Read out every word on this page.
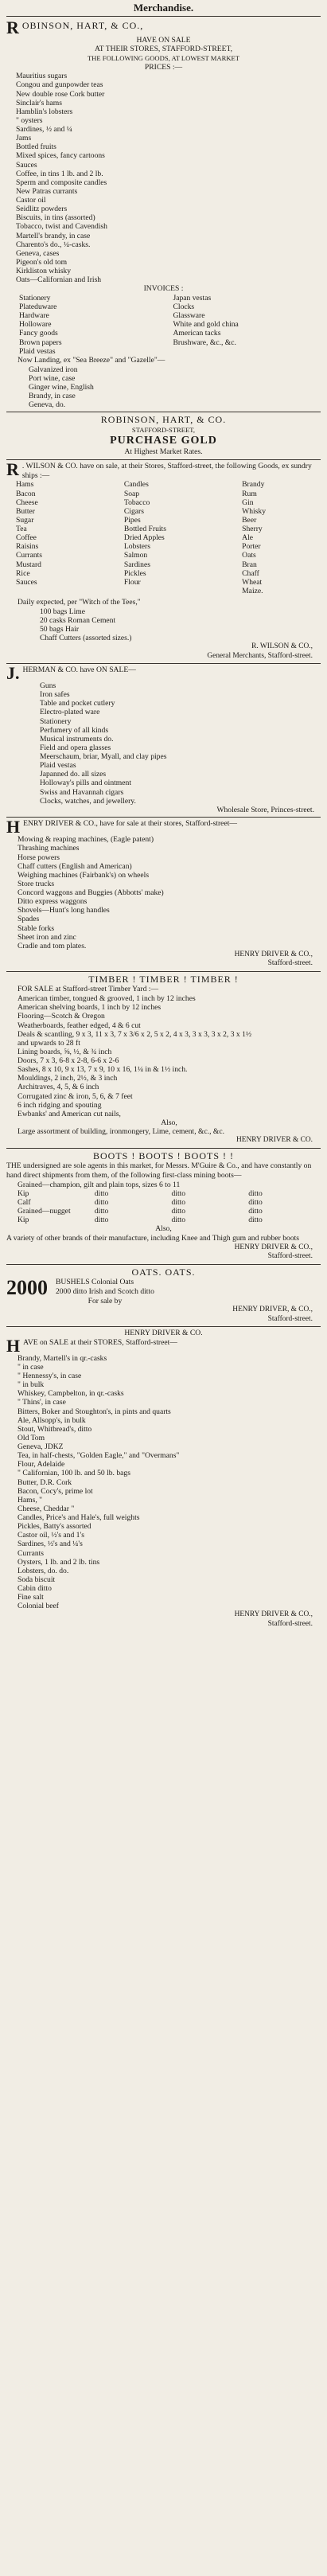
Merchandise.
R OBINSON, HART, & CO.,

HAVE ON SALE

AT THEIR STORES, STAFFORD-STREET,

THE FOLLOWING GOODS, AT LOWEST MARKET

PRICES :—

Mauritius sugars
Congou and gunpowder teas
New double rose Cork butter
Sinclair's hams
Hamblin's lobsters
" oysters
Sardines, ½ and ¼
Jams
Bottled fruits
Mixed spices, fancy cartoons
Sauces
Coffee, in tins 1 lb. and 2 lb.
Sperm and composite candles
New Patras currants
Castor oil
Seidlitz powders
Biscuits, in tins (assorted)
Tobacco, twist and Cavendish
Martell's brandy, in case
Charento's do., ¼-casks.
Geneva, cases
Pigeon's old tom
Kirkliston whisky
Oats—Californian and Irish

INVOICES :

Stationery	Japan vestas
Plateduware	Clocks
Hardware	Glassware
Holloware	White and gold china
Fancy goods	American tacks
Brown papers	Brushware, &c., &c.
Plaid vestas

Now Landing, ex "Sea Breeze" and "Gazelle"—

Galvanized iron
Port wine, case
Ginger wine, English
Brandy, in case
Geneva, do.

ROBINSON, HART, & CO.

STAFFORD-STREET,

PURCHASE GOLD

At Highest Market Rates.

R . WILSON & CO. have on sale, at their Stores, Stafford-street, the following Goods, ex sundry ships :—
Hams	Candles	Brandy
Bacon	Soap	Rum
Cheese	Tobacco	Gin
Butter	Cigars	Whisky
Sugar	Pipes	Beer
Tea	Bottled Fruits	Sherry
Coffee	Dried Apples	Ale
Raisins	Lobsters	Porter
Currants	Salmon	Oats
Mustard	Sardines	Bran
Rice	Pickles	Chaff
Sauces	Flour	Wheat
Maize.

Daily expected, per "Witch of the Tees,"

100 bags Lime
20 casks Roman Cement
50 bags Hair
Chaff Cutters (assorted sizes.)

R. WILSON & CO.,

General Merchants, Stafford-street.

J. HERMAN & CO. have ON SALE—
Guns
Iron safes
Table and pocket cutlery
Electro-plated ware
Stationery
Perfumery of all kinds
Musical instruments do.
Field and opera glasses
Meerschaum, briar, Myall, and clay pipes
Plaid vestas
Japanned do. all sizes
Holloway's pills and ointment
Swiss and Havannah cigars
Clocks, watches, and jewellery.

Wholesale Store, Princes-street.

H ENRY DRIVER & CO., have for sale at their stores, Stafford-street—
Mowing & reaping machines, (Eagle patent)
Thrashing machines
Horse powers
Chaff cutters (English and American)
Weighing machines (Fairbank's) on wheels
Store trucks
Concord waggons and Buggies (Abbotts' make)
Ditto express waggons
Shovels—Hunt's long handles
Spades
Stable forks
Sheet iron and zinc
Cradle and tom plates.

HENRY DRIVER & CO.,

Stafford-street.

TIMBER ! TIMBER ! TIMBER !

FOR SALE at Stafford-street Timber Yard :—

American timber, tongued & grooved, 1 inch by 12 inches
American shelving boards, 1 inch by 12 inches
Flooring—Scotch & Oregon
Weatherboards, feather edged, 4 & 6 cut
Deals & scantling, 9 x 3, 11 x 3, 7 x 3/6 x 2, 5 x 2, 4 x 3, 3 x 3, 3 x 2, 3 x 1½
and upwards to 28 ft
Lining boards, ⅝, ½, & ¾ inch
Doors, 7 x 3, 6-8 x 2-8, 6-6 x 2-6
Sashes, 8 x 10, 9 x 13, 7 x 9, 10 x 16, 1¼ in & 1½ inch.
Mouldings, 2 inch, 2½, & 3 inch
Architraves, 4, 5, & 6 inch
Corrugated zinc & iron, 5, 6, & 7 feet
6 inch ridging and spouting
Ewbanks' and American cut nails,
Also,
Large assortment of building, ironmongery, Lime, cement, &c., &c.

HENRY DRIVER & CO.

BOOTS ! BOOTS ! BOOTS ! !

THE undersigned are sole agents in this market, for Messrs. M'Guire & Co., and have constantly on hand direct shipments from them, of the following first-class mining boots—

Grained—champion, gilt and plain tops, sizes 6 to 11
Kip	ditto	ditto	ditto
Calf	ditto	ditto	ditto
Grained—nugget	ditto	ditto	ditto
Kip	ditto	ditto	ditto

Also,

A variety of other brands of their manufacture, including Knee and Thigh gum and rubber boots

HENRY DRIVER & CO.,

Stafford-street.

OATS. OATS.

2000 BUSHELS Colonial Oats
2000 ditto Irish and Scotch ditto
For sale by

HENRY DRIVER, & CO.,

Stafford-street.

HENRY DRIVER & CO.

H AVE on SALE at their STORES, Stafford-street—
Brandy, Martell's in qr.-casks
" in case
" Hennessy's, in case
" in bulk
Whiskey, Campbelton, in qr.-casks
" Thins', in case
Bitters, Boker and Stoughton's, in pints and quarts
Ale, Allsopp's, in bulk
Stout, Whitbread's, ditto
Old Tom
Geneva, JDKZ
Tea, in half-chests, "Golden Eagle," and "Overmans"
Flour, Adelaide
" Californian, 100 lb. and 50 lb. bags
Butter, D.R. Cork
Bacon, Cocy's, prime lot
Hams, "
Cheese, Cheddar "
Candles, Price's and Hale's, full weights
Pickles, Batty's assorted
Castor oil, ½'s and 1's
Sardines, ½'s and ¼'s
Currants
Oysters, 1 lb. and 2 lb. tins
Lobsters, do. do.
Soda biscuit
Cabin ditto
Fine salt
Colonial beef

HENRY DRIVER & CO.,

Stafford-street.
